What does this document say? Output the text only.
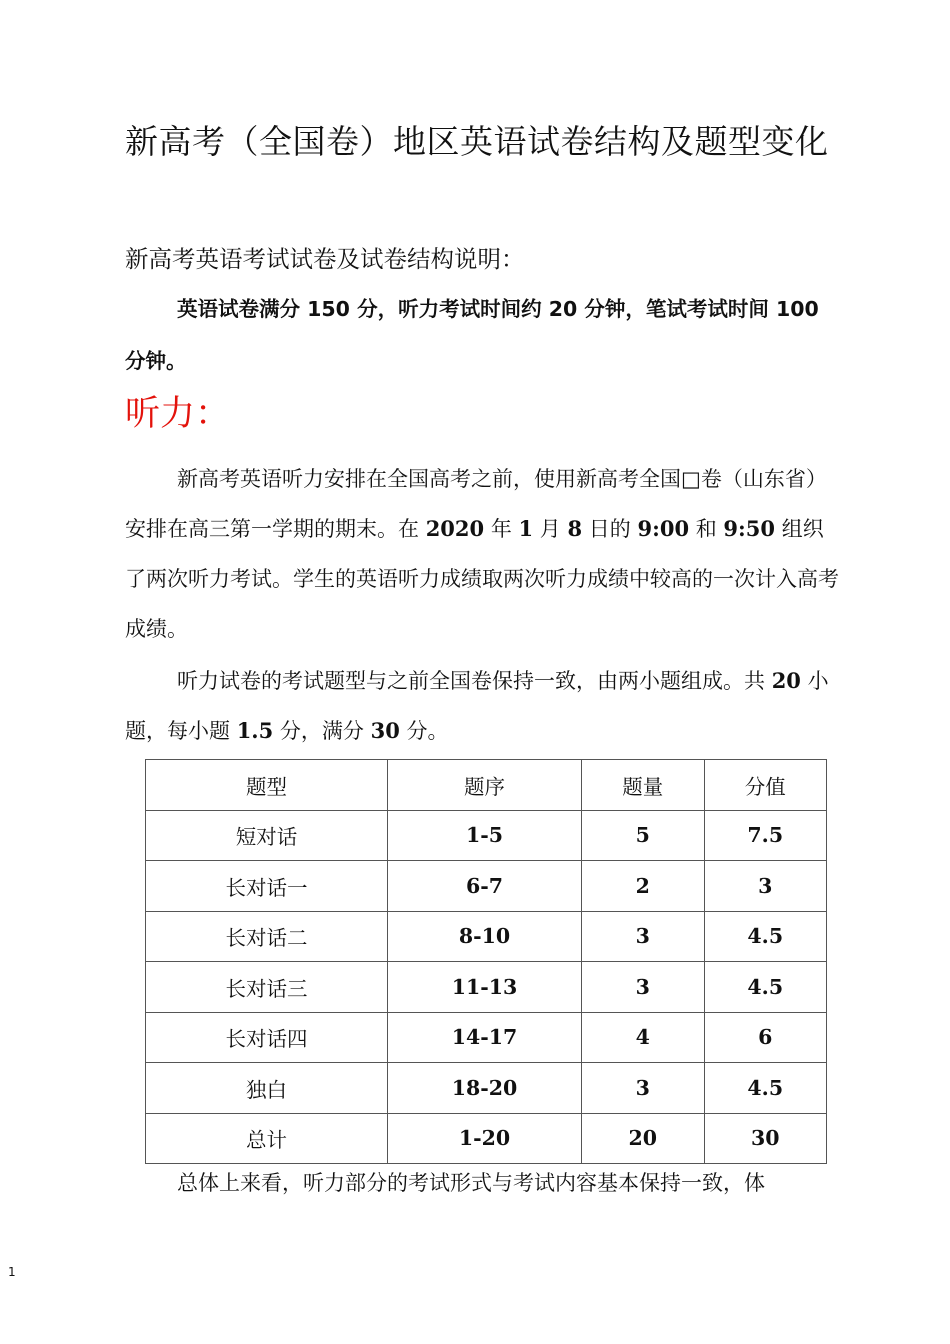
新高考（全国卷）地区英语试卷结构及题型变化
新高考英语考试试卷及试卷结构说明：
英语试卷满分 150 分，听力考试时间约 20 分钟，笔试考试时间 100
分钟。
听力：

新高考英语听力安排在全国高考之前，使用新高考全国□卷（山东省）安排在高三第一学期的期末。在 2020 年 1 月 8 日的 9:00 和 9:50 组织了两次听力考试。学生的英语听力成绩取两次听力成绩中较高的一次计入高考成绩。

听力试卷的考试题型与之前全国卷保持一致，由两小题组成。共 20 小题，每小题 1.5 分，满分 30 分。

题型	题序	题量	分值
短对话	1-5	5	7.5
长对话一	6-7	2	3
长对话二	8-10	3	4.5
长对话三	11-13	3	4.5
长对话四	14-17	4	6
独白	18-20	3	4.5
总计	1-20	20	30

总体上来看，听力部分的考试形式与考试内容基本保持一致，体

1
